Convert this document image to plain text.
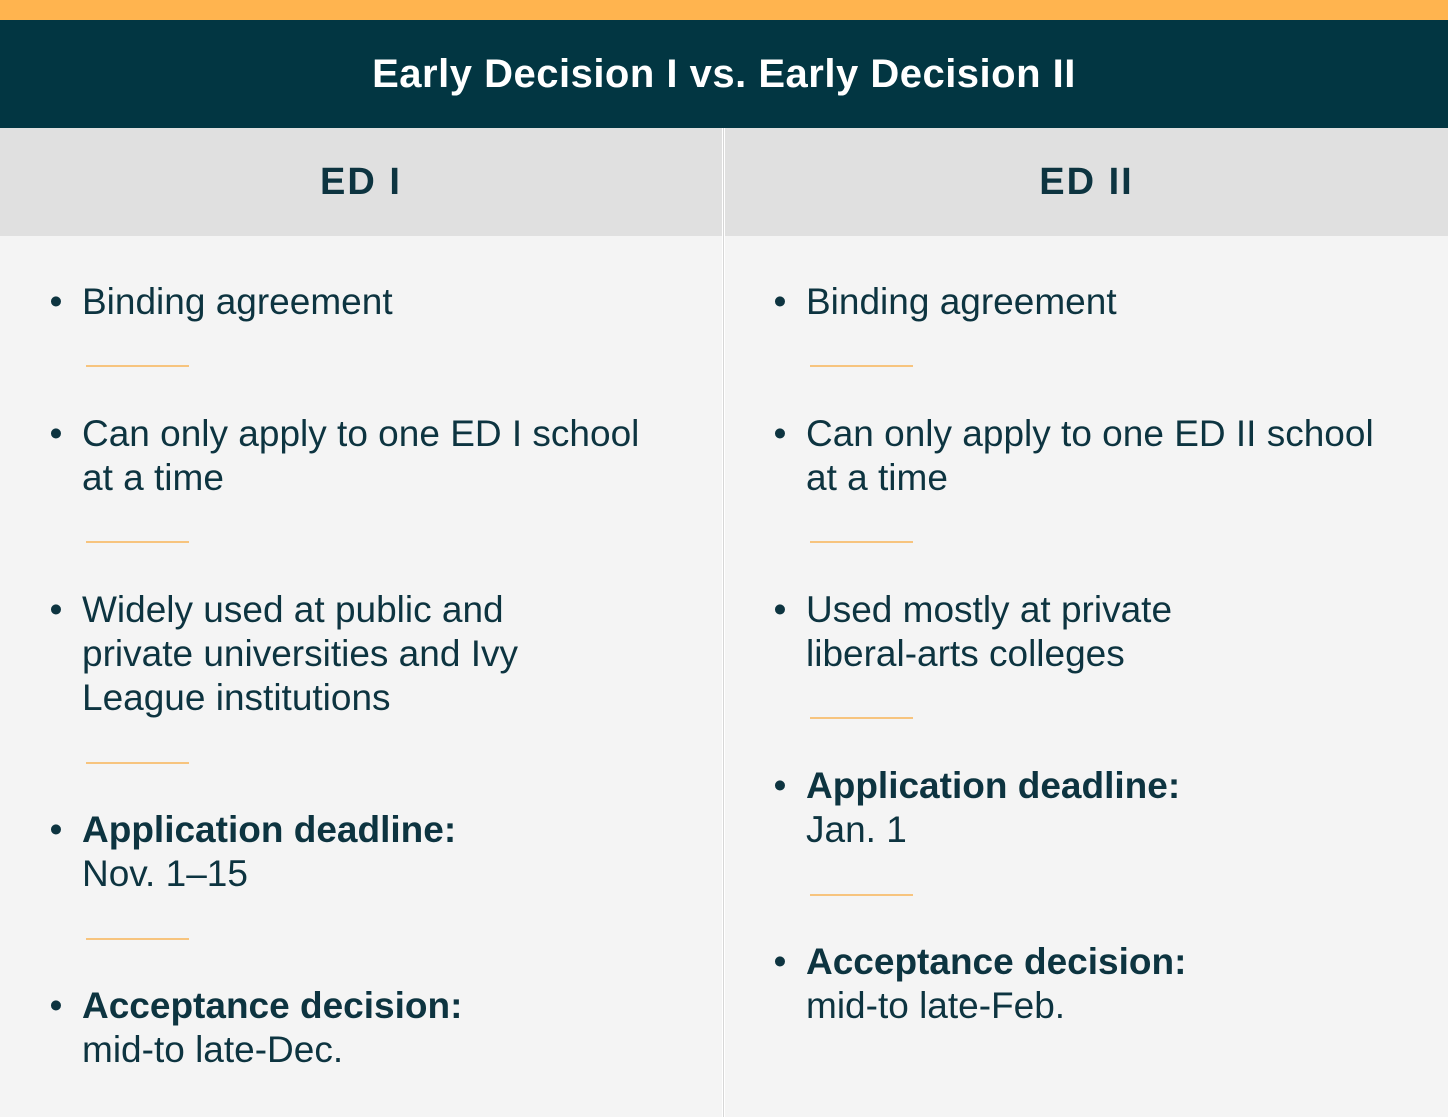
Early Decision I vs. Early Decision II
ED I	ED II
• Binding agreement
• Can only apply to one ED I school
at a time
• Widely used at public and
private universities and Ivy
League institutions
• Application deadline:
Nov. 1–15
• Acceptance decision:
mid-to late-Dec.
• Binding agreement
• Can only apply to one ED II school
at a time
• Used mostly at private
liberal-arts colleges
• Application deadline:
Jan. 1
• Acceptance decision:
mid-to late-Feb.
